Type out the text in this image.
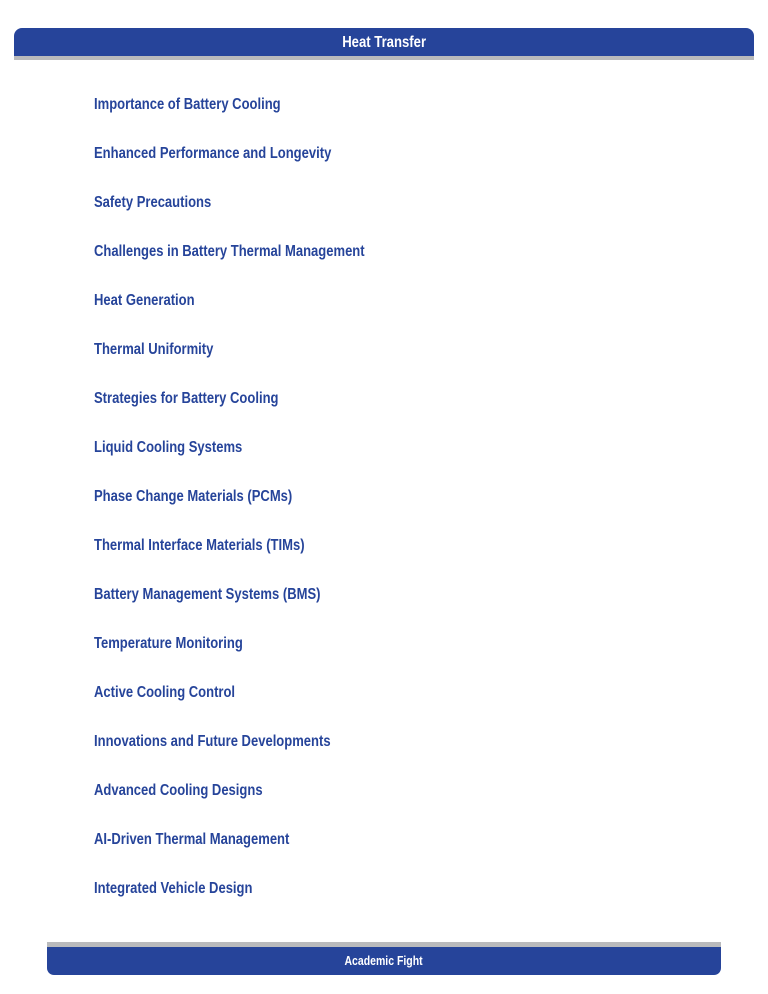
Heat Transfer
Importance of Battery Cooling
Enhanced Performance and Longevity
Safety Precautions
Challenges in Battery Thermal Management
Heat Generation
Thermal Uniformity
Strategies for Battery Cooling
Liquid Cooling Systems
Phase Change Materials (PCMs)
Thermal Interface Materials (TIMs)
Battery Management Systems (BMS)
Temperature Monitoring
Active Cooling Control
Innovations and Future Developments
Advanced Cooling Designs
AI-Driven Thermal Management
Integrated Vehicle Design
Academic Fight
